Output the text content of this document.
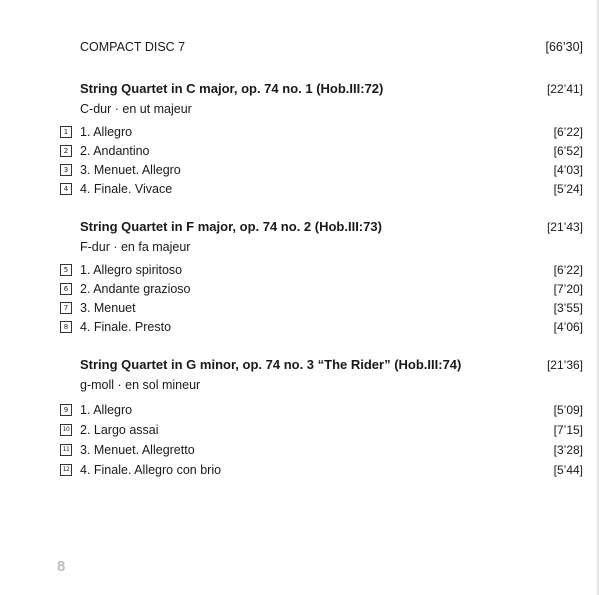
COMPACT DISC 7	[66’30]
String Quartet in C major, op. 74 no. 1 (Hob.III:72)	[22’41]
C-dur · en ut majeur
1 1. Allegro	[6’22]
2 2. Andantino	[6’52]
3 3. Menuet. Allegro	[4’03]
4 4. Finale. Vivace	[5’24]
String Quartet in F major, op. 74 no. 2 (Hob.III:73)	[21’43]
F-dur · en fa majeur
5 1. Allegro spiritoso	[6’22]
6 2. Andante grazioso	[7’20]
7 3. Menuet	[3’55]
8 4. Finale. Presto	[4’06]
String Quartet in G minor, op. 74 no. 3 “The Rider” (Hob.III:74)	[21’36]
g-moll · en sol mineur
9 1. Allegro	[5’09]
10 2. Largo assai	[7’15]
11 3. Menuet. Allegretto	[3’28]
12 4. Finale. Allegro con brio	[5’44]
8
